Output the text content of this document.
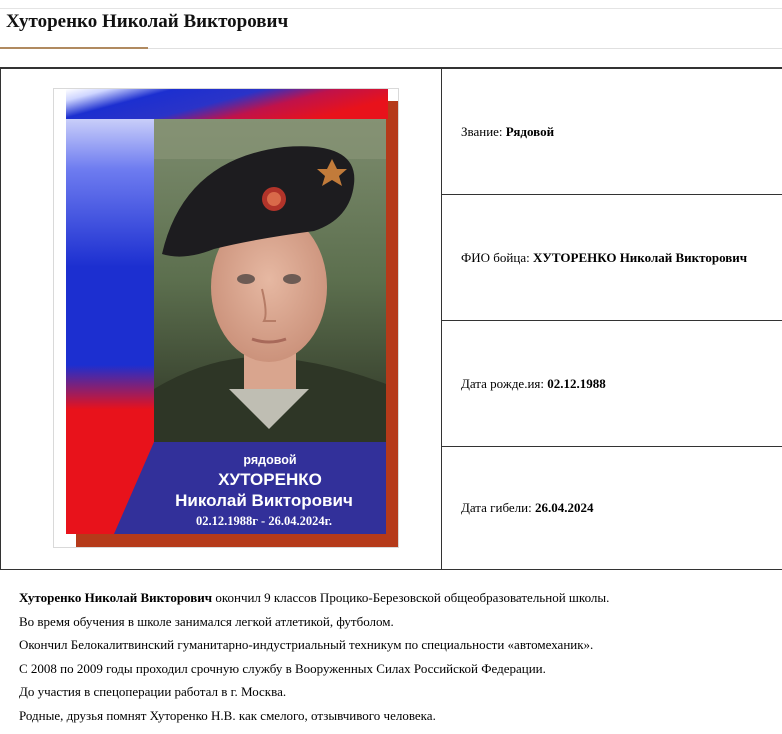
Хуторенко Николай Викторович
рядовой
ХУТОРЕНКО
Николай Викторович
02.12.1988г - 26.04.2024г.
Звание:
Рядовой
ФИО бойца:
ХУТОРЕНКО Николай Викторович
Дата рожде.ия:
02.12.1988
Дата гибели:
26.04.2024

Хуторенко Николай Викторович окончил 9 классов Процико-Березовской общеобразовательной школы.

Во время обучения в школе занимался легкой атлетикой, футболом.

Окончил Белокалитвинский гуманитарно-индустриальный техникум по специальности «автомеханик».

С 2008 по 2009 годы проходил срочную службу в Вооруженных Силах Российской Федерации.

До участия в спецоперации работал в г. Москва.

Родные, друзья помнят Хуторенко Н.В. как смелого, отзывчивого человека.
